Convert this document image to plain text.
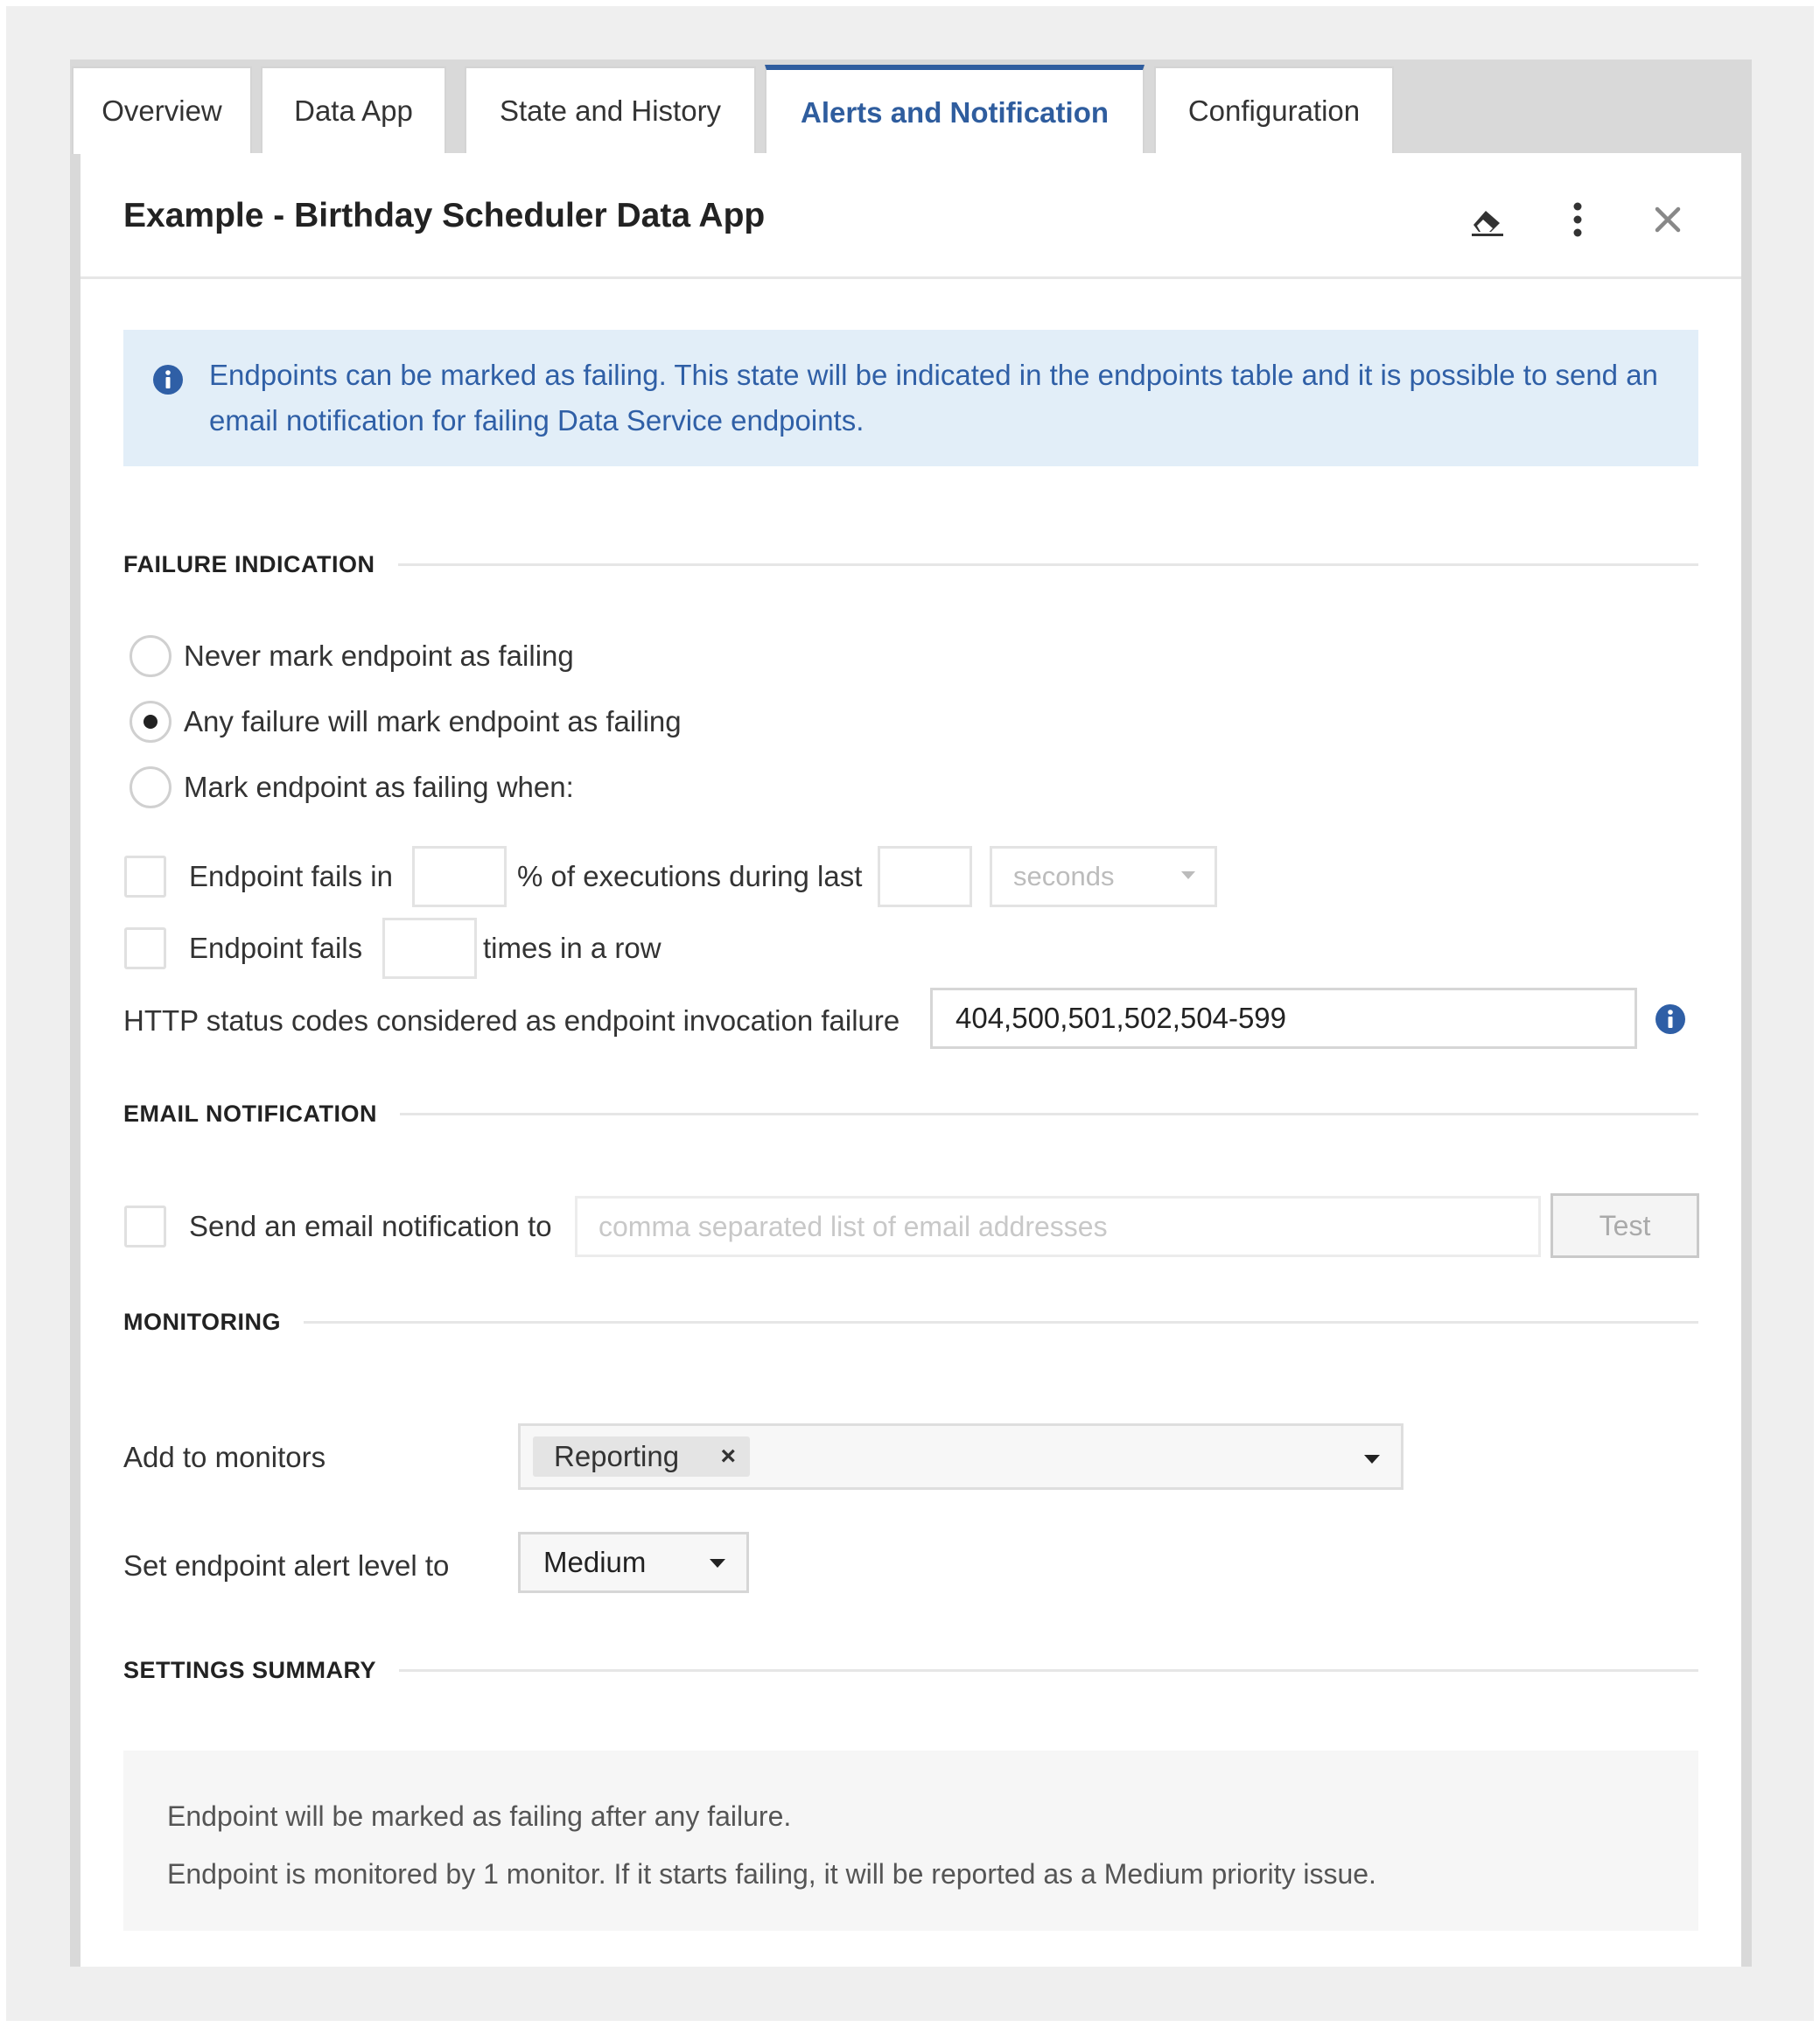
Overview Data App	State and History	Alerts and Notification	Configuration
Example - Birthday Scheduler Data App
Endpoints can be marked as failing. This state will be indicated in the endpoints table and it is possible to send an email notification for failing Data Service endpoints.
FAILURE INDICATION
Never mark endpoint as failing
Any failure will mark endpoint as failing
Mark endpoint as failing when:
Endpoint fails in	% of executions during last	seconds
Endpoint fails	times in a row
HTTP status codes considered as endpoint invocation failure	404,500,501,502,504-599
EMAIL NOTIFICATION
Send an email notification to comma separated list of email addresses	Test
MONITORING
Add to monitors	Reporting ×
Set endpoint alert level to	Medium
SETTINGS SUMMARY
Endpoint will be marked as failing after any failure.
Endpoint is monitored by 1 monitor. If it starts failing, it will be reported as a Medium priority issue.
